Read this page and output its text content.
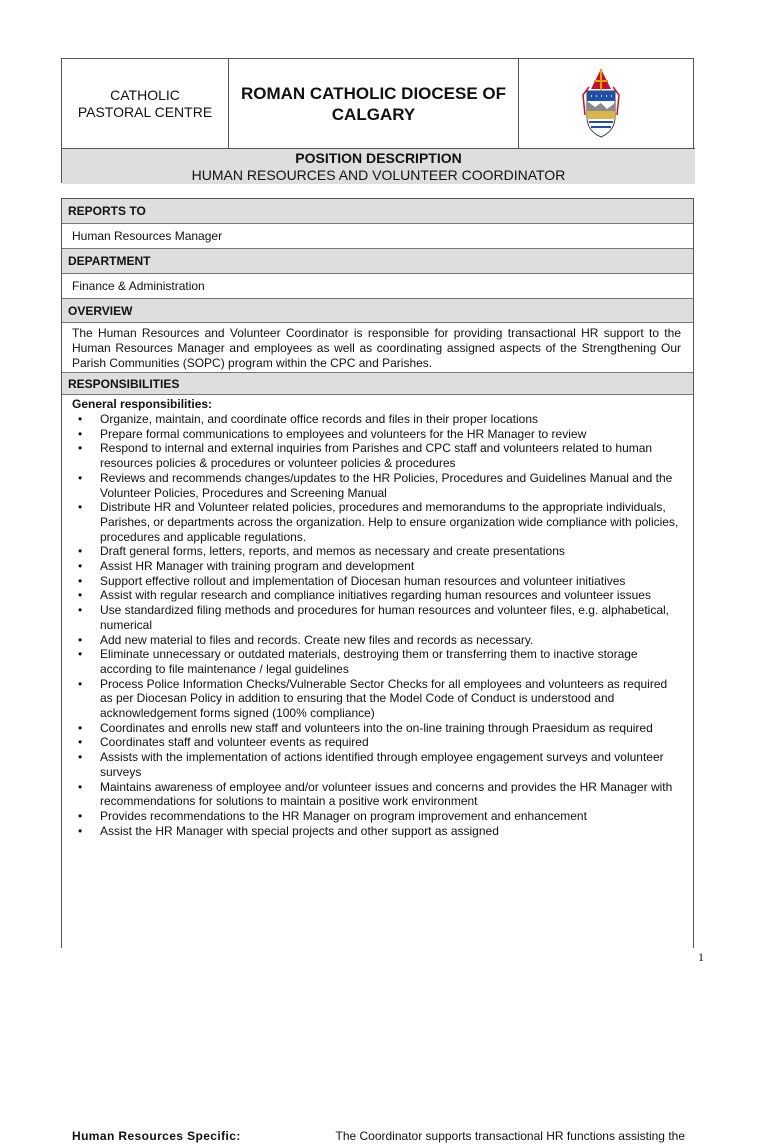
CATHOLIC
PASTORAL CENTRE
ROMAN CATHOLIC DIOCESE OF
CALGARY
POSITION DESCRIPTION
HUMAN RESOURCES AND VOLUNTEER COORDINATOR
REPORTS TO
Human Resources Manager
DEPARTMENT
Finance & Administration
OVERVIEW
The Human Resources and Volunteer Coordinator is responsible for providing transactional HR support to the Human Resources Manager and employees as well as coordinating assigned aspects of the Strengthening Our Parish Communities (SOPC) program within the CPC and Parishes.
RESPONSIBILITIES
General responsibilities:
• Organize, maintain, and coordinate office records and files in their proper locations
• Prepare formal communications to employees and volunteers for the HR Manager to review
• Respond to internal and external inquiries from Parishes and CPC staff and volunteers related to human resources policies & procedures or volunteer policies & procedures
• Reviews and recommends changes/updates to the HR Policies, Procedures and Guidelines Manual and the Volunteer Policies, Procedures and Screening Manual
• Distribute HR and Volunteer related policies, procedures and memorandums to the appropriate individuals, Parishes, or departments across the organization. Help to ensure organization wide compliance with policies, procedures and applicable regulations.
• Draft general forms, letters, reports, and memos as necessary and create presentations
• Assist HR Manager with training program and development
• Support effective rollout and implementation of Diocesan human resources and volunteer initiatives
• Assist with regular research and compliance initiatives regarding human resources and volunteer issues
• Use standardized filing methods and procedures for human resources and volunteer files, e.g. alphabetical, numerical
• Add new material to files and records. Create new files and records as necessary.
• Eliminate unnecessary or outdated materials, destroying them or transferring them to inactive storage according to file maintenance / legal guidelines
• Process Police Information Checks/Vulnerable Sector Checks for all employees and volunteers as required as per Diocesan Policy in addition to ensuring that the Model Code of Conduct is understood and acknowledgement forms signed (100% compliance)
• Coordinates and enrolls new staff and volunteers into the on-line training through Praesidum as required
• Coordinates staff and volunteer events as required
• Assists with the implementation of actions identified through employee engagement surveys and volunteer surveys
• Maintains awareness of employee and/or volunteer issues and concerns and provides the HR Manager with recommendations for solutions to maintain a positive work environment
• Provides recommendations to the HR Manager on program improvement and enhancement
• Assist the HR Manager with special projects and other support as assigned
Human Resources Specific:	The Coordinator supports transactional HR functions assisting the
1
